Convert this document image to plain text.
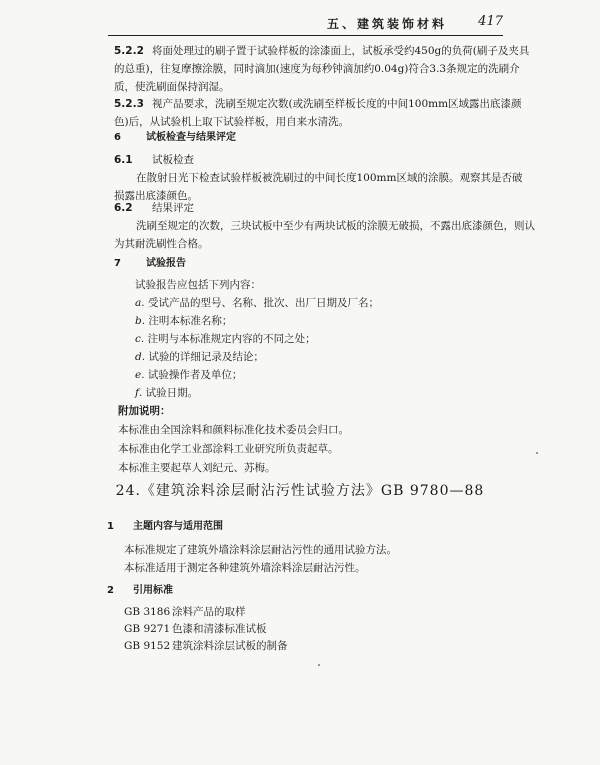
五、建筑装饰材料 417
5.2.2 将面处理过的刷子置于试验样板的涂漆面上，试板承受约450g的负荷(刷子及夹具
的总重)，往复摩擦涂膜，同时滴加(速度为每秒钟滴加约0.04g)符合3.3条规定的洗刷介
质，使洗刷面保持润湿。
5.2.3 视产品要求，洗刷至规定次数(或洗刷至样板长度的中间100mm区域露出底漆颜
色)后，从试验机上取下试验样板，用自来水清洗。
6	试板检查与结果评定
6.1 试板检查
在散射日光下检查试验样板被洗刷过的中间长度100mm区域的涂膜。观察其是否破
损露出底漆颜色。
6.2 结果评定
洗刷至规定的次数，三块试板中至少有两块试板的涂膜无破损，不露出底漆颜色，则认
为其耐洗刷性合格。
7	试验报告
试验报告应包括下列内容：
a. 受试产品的型号、名称、批次、出厂日期及厂名；
b. 注明本标准名称；
c. 注明与本标准规定内容的不同之处；
d. 试验的详细记录及结论；
e. 试验操作者及单位；
f. 试验日期。
附加说明：
本标准由全国涂料和颜料标准化技术委员会归口。
本标准由化学工业部涂料工业研究所负责起草。
本标准主要起草人刘纪元、苏梅。
24.《建筑涂料涂层耐沾污性试验方法》GB 9780—88
1 主题内容与适用范围
本标准规定了建筑外墙涂料涂层耐沾污性的通用试验方法。
本标准适用于测定各种建筑外墙涂料涂层耐沾污性。
2 引用标准
GB 3186 涂料产品的取样
GB 9271 色漆和清漆标准试板
GB 9152 建筑涂料涂层试板的制备
